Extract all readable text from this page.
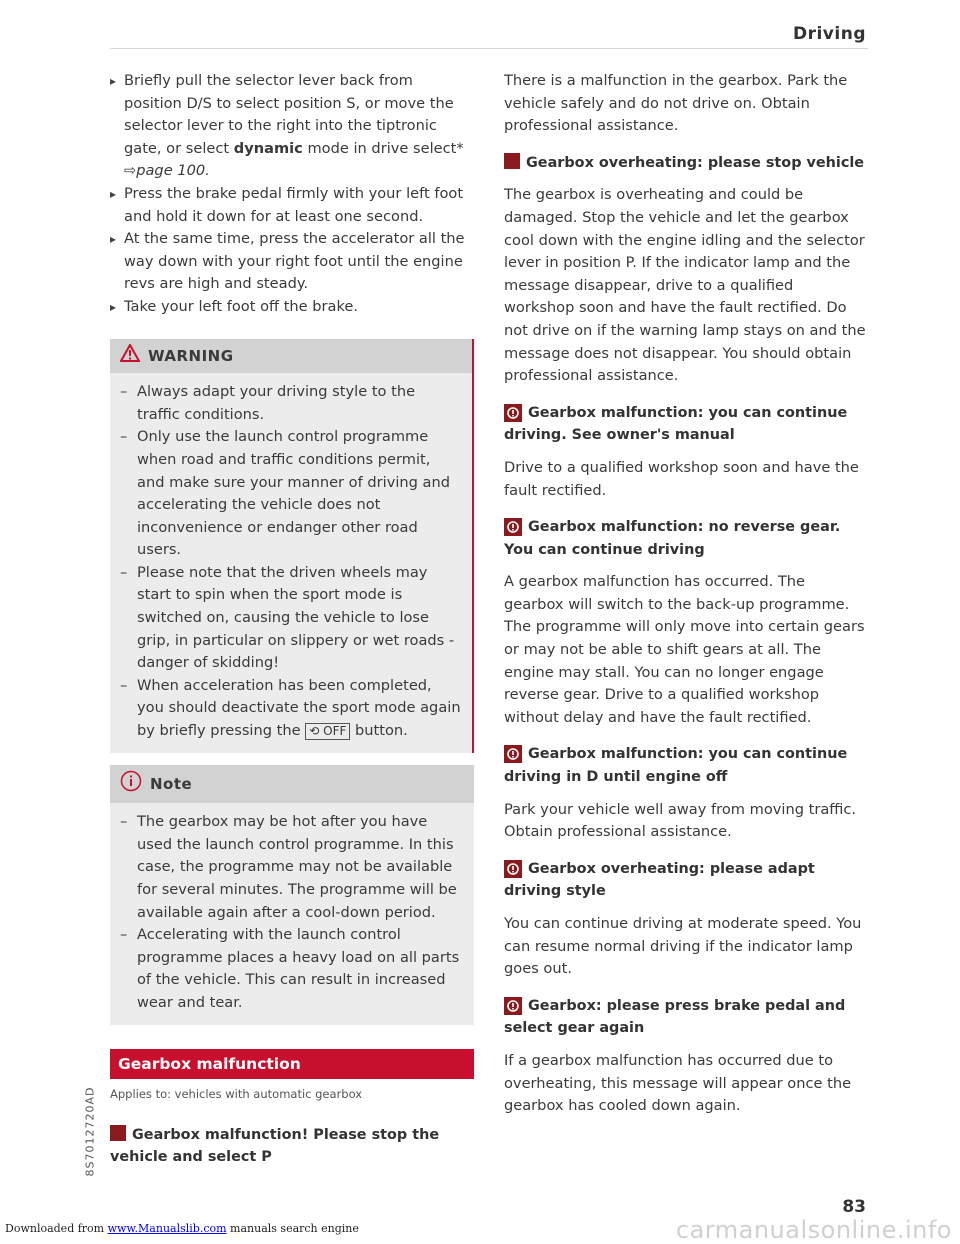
Driving
▸ Briefly pull the selector lever back from position D/S to select position S, or move the selector lever to the right into the tiptronic gate, or select dynamic mode in drive select*
⇨page 100.
▸ Press the brake pedal firmly with your left foot and hold it down for at least one second.
▸ At the same time, press the accelerator all the way down with your right foot until the engine revs are high and steady.
▸ Take your left foot off the brake.
WARNING
– Always adapt your driving style to the traffic conditions.
– Only use the launch control programme when road and traffic conditions permit, and make sure your manner of driving and accelerating the vehicle does not inconvenience or endanger other road users.
– Please note that the driven wheels may start to spin when the sport mode is switched on, causing the vehicle to lose grip, in particular on slippery or wet roads - danger of skidding!
– When acceleration has been completed, you should deactivate the sport mode again by briefly pressing the ⟲ OFF button.
Note
– The gearbox may be hot after you have used the launch control programme. In this case, the programme may not be available for several minutes. The programme will be available again after a cool-down period.
– Accelerating with the launch control programme places a heavy load on all parts of the vehicle. This can result in increased wear and tear.
Gearbox malfunction
Applies to: vehicles with automatic gearbox
Gearbox malfunction! Please stop the vehicle and select P

There is a malfunction in the gearbox. Park the vehicle safely and do not drive on. Obtain professional assistance.

Gearbox overheating: please stop vehicle

The gearbox is overheating and could be damaged. Stop the vehicle and let the gearbox cool down with the engine idling and the selector lever in position P. If the indicator lamp and the message disappear, drive to a qualified workshop soon and have the fault rectified. Do not drive on if the warning lamp stays on and the message does not disappear. You should obtain professional assistance.

Gearbox malfunction: you can continue driving. See owner's manual

Drive to a qualified workshop soon and have the fault rectified.

Gearbox malfunction: no reverse gear. You can continue driving

A gearbox malfunction has occurred. The gearbox will switch to the back-up programme. The programme will only move into certain gears or may not be able to shift gears at all. The engine may stall. You can no longer engage reverse gear. Drive to a qualified workshop without delay and have the fault rectified.

Gearbox malfunction: you can continue driving in D until engine off

Park your vehicle well away from moving traffic. Obtain professional assistance.

Gearbox overheating: please adapt driving style

You can continue driving at moderate speed. You can resume normal driving if the indicator lamp goes out.

Gearbox: please press brake pedal and select gear again

If a gearbox malfunction has occurred due to overheating, this message will appear once the gearbox has cooled down again.

8S7012720AD
83
Downloaded from www.Manualslib.com manuals search engine	carmanualsonline.info
